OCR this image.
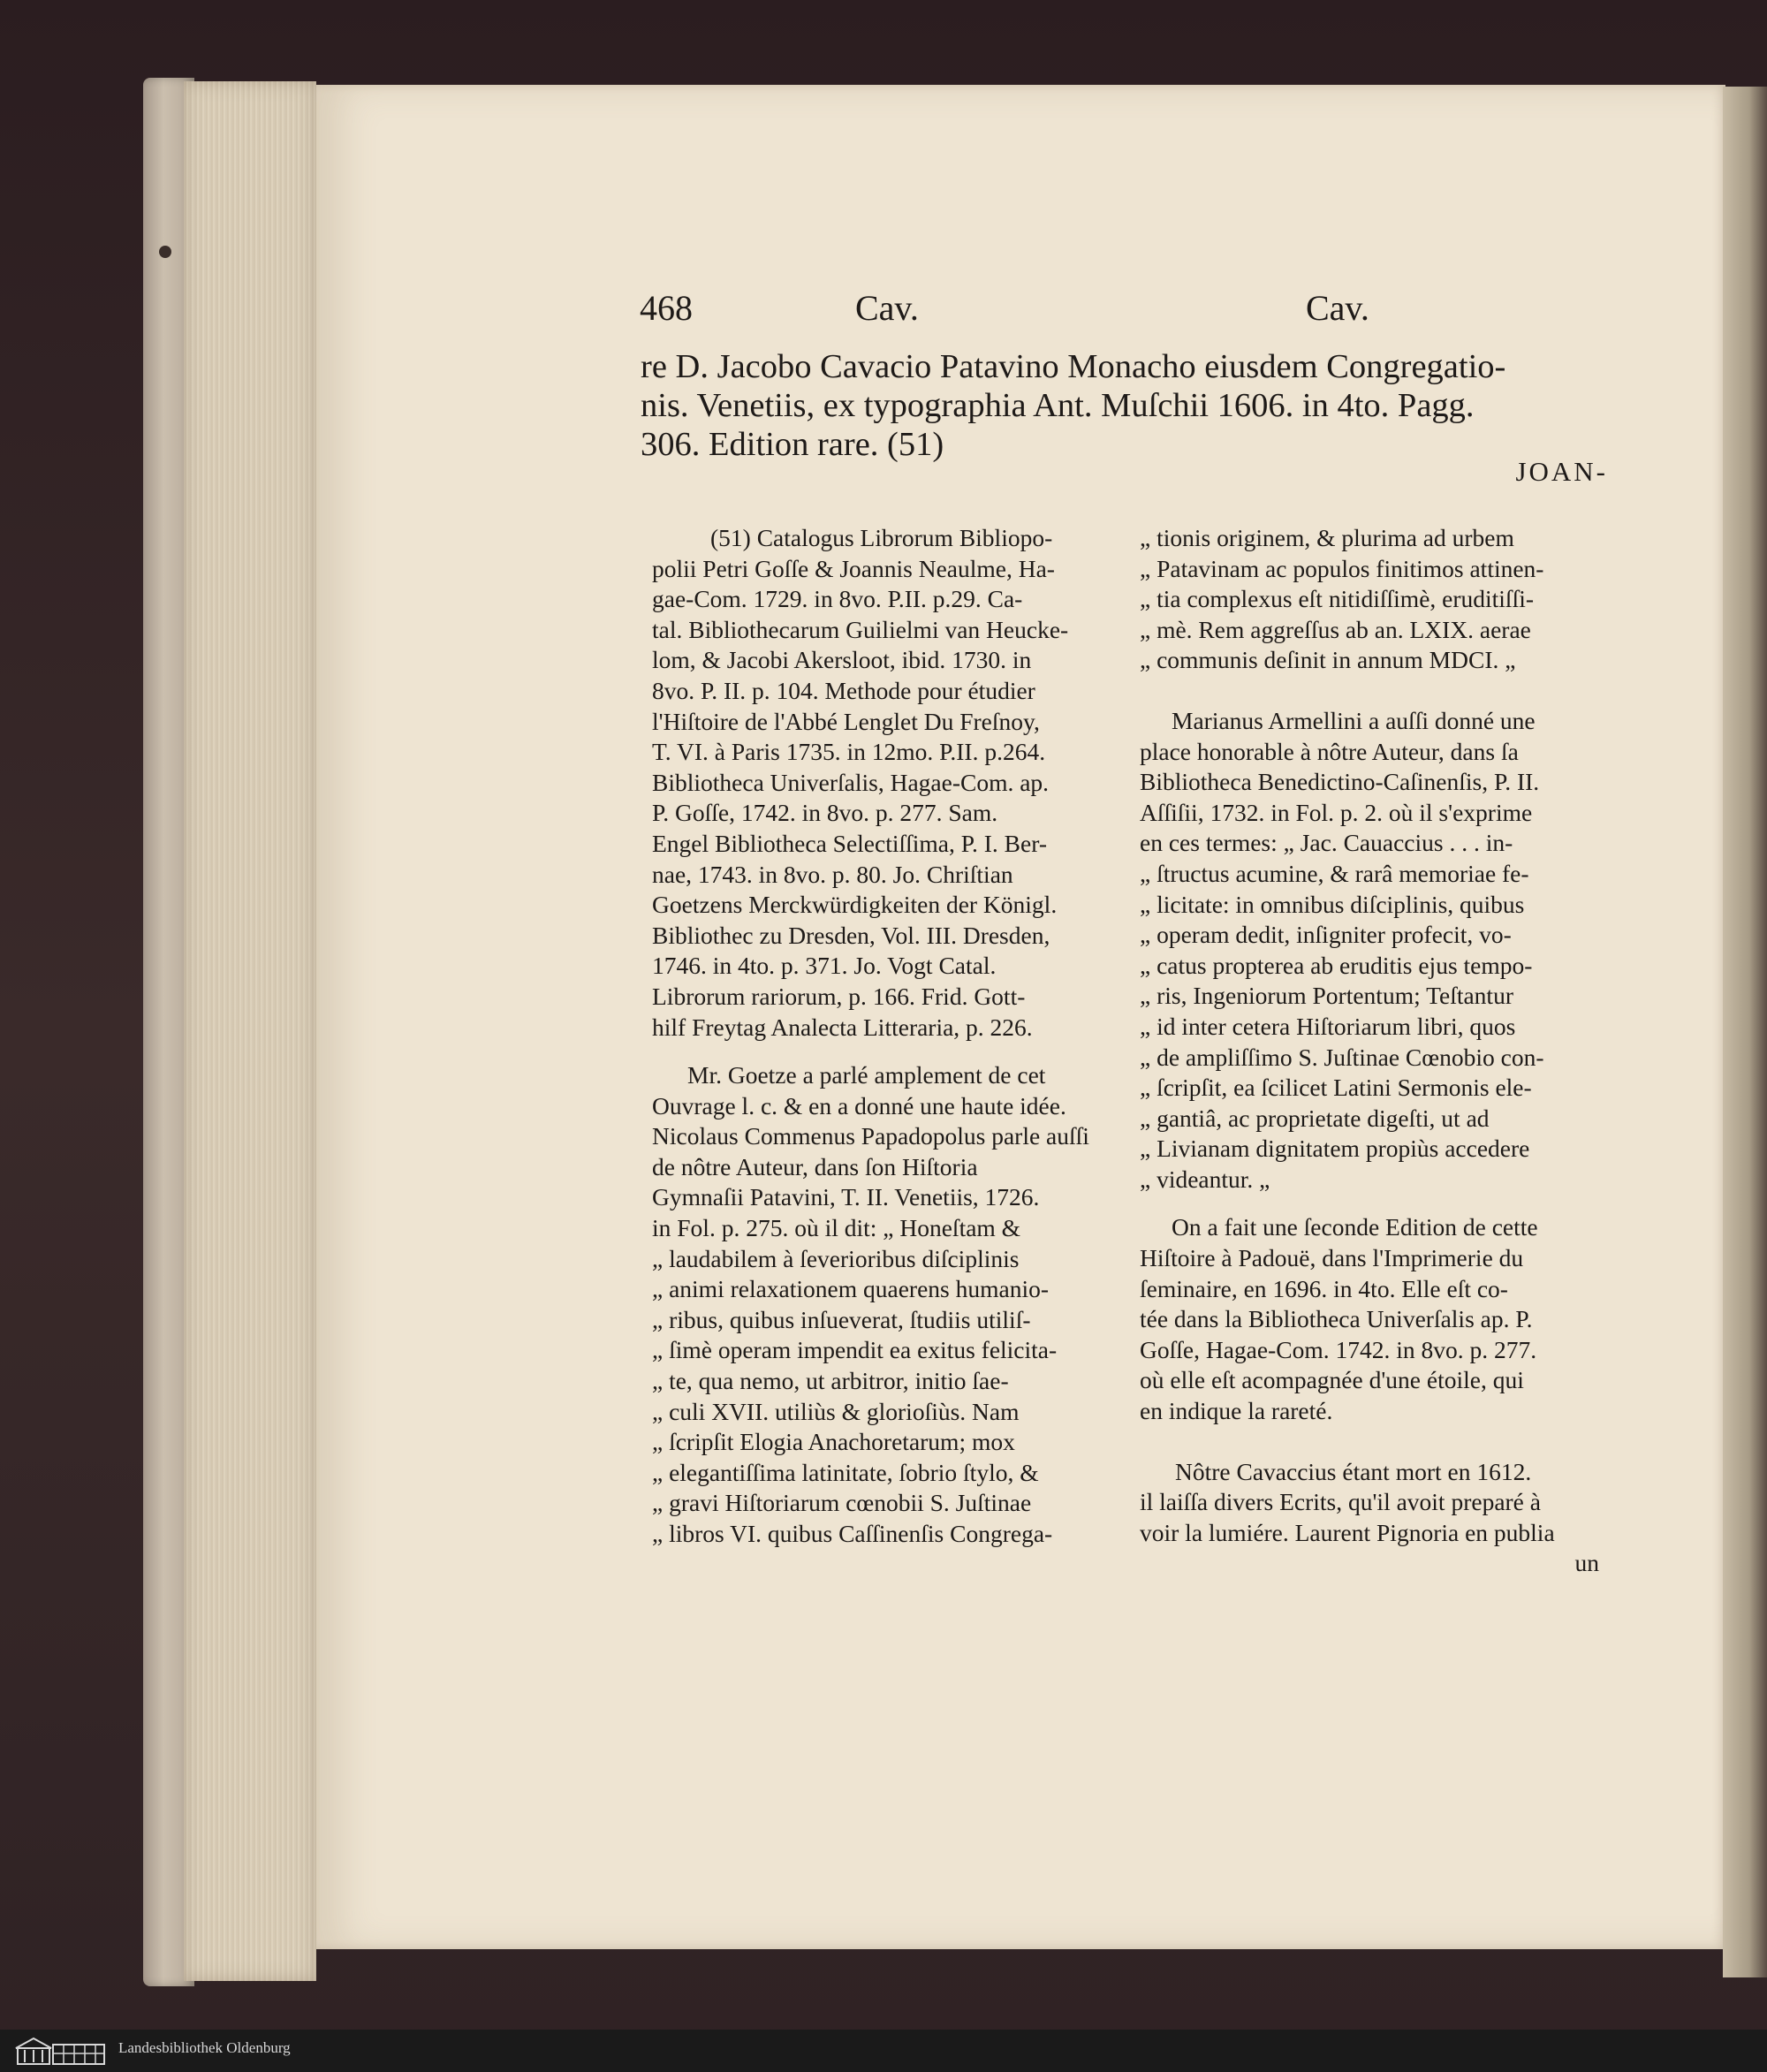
468	Cav.	Cav.
re D. Jacobo Cavacio Patavino Monacho eiusdem Congregatio-
nis. Venetiis, ex typographia Ant. Muſchii 1606. in 4to. Pagg.
306. Edition rare. (51)
JOAN-
(51) Catalogus Librorum Bibliopo-
polii Petri Goſſe & Joannis Neaulme, Ha-
gae-Com. 1729. in 8vo. P.II. p.29. Ca-
tal. Bibliothecarum Guilielmi van Heucke-
lom, & Jacobi Akersloot, ibid. 1730. in
8vo. P. II. p. 104. Methode pour étudier
l'Hiſtoire de l'Abbé Lenglet Du Freſnoy,
T. VI. à Paris 1735. in 12mo. P.II. p.264.
Bibliotheca Univerſalis, Hagae-Com. ap.
P. Goſſe, 1742. in 8vo. p. 277. Sam.
Engel Bibliotheca Selectiſſima, P. I. Ber-
nae, 1743. in 8vo. p. 80. Jo. Chriſtian
Goetzens Merckwürdigkeiten der Königl.
Bibliothec zu Dresden, Vol. III. Dresden,
1746. in 4to. p. 371. Jo. Vogt Catal.
Librorum rariorum, p. 166. Frid. Gott-
hilf Freytag Analecta Litteraria, p. 226.
Mr. Goetze a parlé amplement de cet
Ouvrage l. c. & en a donné une haute idée.
Nicolaus Commenus Papadopolus parle auſſi
de nôtre Auteur, dans ſon Hiſtoria
Gymnaſii Patavini, T. II. Venetiis, 1726.
in Fol. p. 275. où il dit: „ Honeſtam &
„ laudabilem à ſeverioribus diſciplinis
„ animi relaxationem quaerens humanio-
„ ribus, quibus inſueverat, ſtudiis utiliſ-
„ ſimè operam impendit ea exitus felicita-
„ te, qua nemo, ut arbitror, initio ſae-
„ culi XVII. utiliùs & glorioſiùs. Nam
„ ſcripſit Elogia Anachoretarum; mox
„ elegantiſſima latinitate, ſobrio ſtylo, &
„ gravi Hiſtoriarum cœnobii S. Juſtinae
„ libros VI. quibus Caſſinenſis Congrega-
„ tionis originem, & plurima ad urbem
„ Patavinam ac populos finitimos attinen-
„ tia complexus eſt nitidiſſimè, eruditiſſi-
„ mè. Rem aggreſſus ab an. LXIX. aerae
„ communis deſinit in annum MDCI. „
Marianus Armellini a auſſi donné une
place honorable à nôtre Auteur, dans ſa
Bibliotheca Benedictino-Caſinenſis, P. II.
Aſſiſii, 1732. in Fol. p. 2. où il s'exprime
en ces termes: „ Jac. Cauaccius . . . in-
„ ſtructus acumine, & rarâ memoriae fe-
„ licitate: in omnibus diſciplinis, quibus
„ operam dedit, inſigniter profecit, vo-
„ catus propterea ab eruditis ejus tempo-
„ ris, Ingeniorum Portentum; Teſtantur
„ id inter cetera Hiſtoriarum libri, quos
„ de ampliſſimo S. Juſtinae Cœnobio con-
„ ſcripſit, ea ſcilicet Latini Sermonis ele-
„ gantiâ, ac proprietate digeſti, ut ad
„ Livianam dignitatem propiùs accedere
„ videantur. „
On a fait une ſeconde Edition de cette
Hiſtoire à Padouë, dans l'Imprimerie du
ſeminaire, en 1696. in 4to. Elle eſt co-
tée dans la Bibliotheca Univerſalis ap. P.
Goſſe, Hagae-Com. 1742. in 8vo. p. 277.
où elle eſt acompagnée d'une étoile, qui
en indique la rareté.
Nôtre Cavaccius étant mort en 1612.
il laiſſa divers Ecrits, qu'il avoit preparé à
voir la lumiére. Laurent Pignoria en publia
un
Landesbibliothek Oldenburg
